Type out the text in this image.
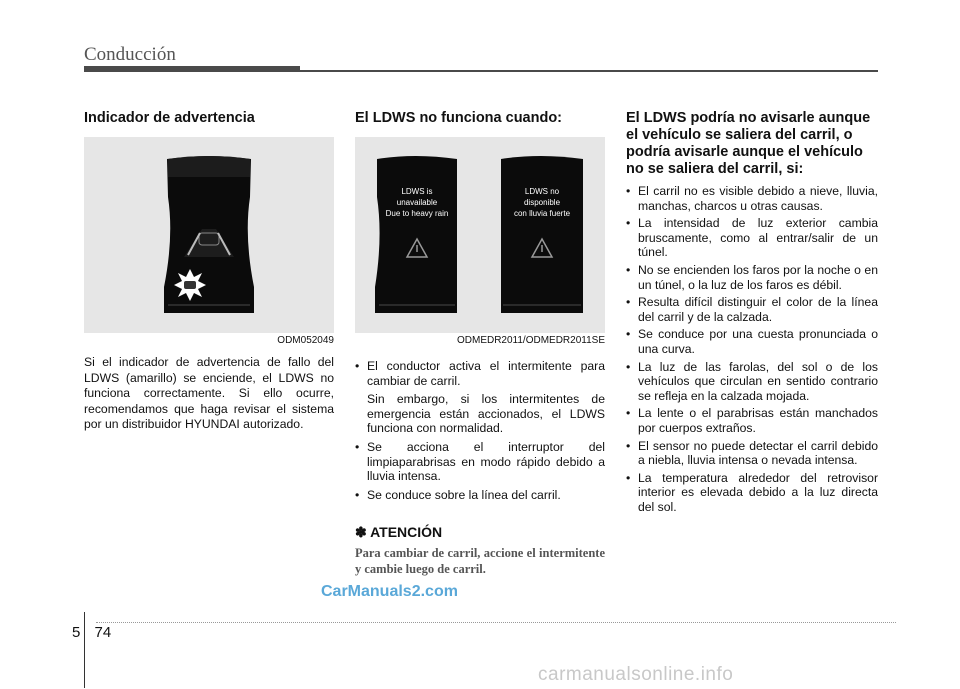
Conducción
Indicador de advertencia
ODM052049
Si el indicador de advertencia de fallo del LDWS (amarillo) se enciende, el LDWS no funciona correctamente. Si ello ocurre, recomendamos que haga revisar el sistema por un distribuidor HYUNDAI autorizado.
El LDWS no funciona cuando:
LDWS is
unavailable
Due to heavy rain
LDWS no
disponible
con lluvia fuerte
ODMEDR2011/ODMEDR2011SE
• El conductor activa el intermitente para cambiar de carril.
Sin embargo, si los intermitentes de emergencia están accionados, el LDWS funciona con normalidad.
• Se acciona el interruptor del limpiaparabrisas en modo rápido debido a lluvia intensa.
• Se conduce sobre la línea del carril.
✽ ATENCIÓN
Para cambiar de carril, accione el intermitente y cambie luego de carril.
El LDWS podría no avisarle aunque el vehículo se saliera del carril, o podría avisarle aunque el vehículo no se saliera del carril, si:
• El carril no es visible debido a nieve, lluvia, manchas, charcos u otras causas.
• La intensidad de luz exterior cambia bruscamente, como al entrar/salir de un túnel.
• No se encienden los faros por la noche o en un túnel, o la luz de los faros es débil.
• Resulta difícil distinguir el color de la línea del carril y de la calzada.
• Se conduce por una cuesta pronunciada o una curva.
• La luz de las farolas, del sol o de los vehículos que circulan en sentido contrario se refleja en la calzada mojada.
• La lente o el parabrisas están manchados por cuerpos extraños.
• El sensor no puede detectar el carril debido a niebla, lluvia intensa o nevada intensa.
• La temperatura alrededor del retrovisor interior es elevada debido a la luz directa del sol.
CarManuals2.com
5 74
carmanualsonline.info
